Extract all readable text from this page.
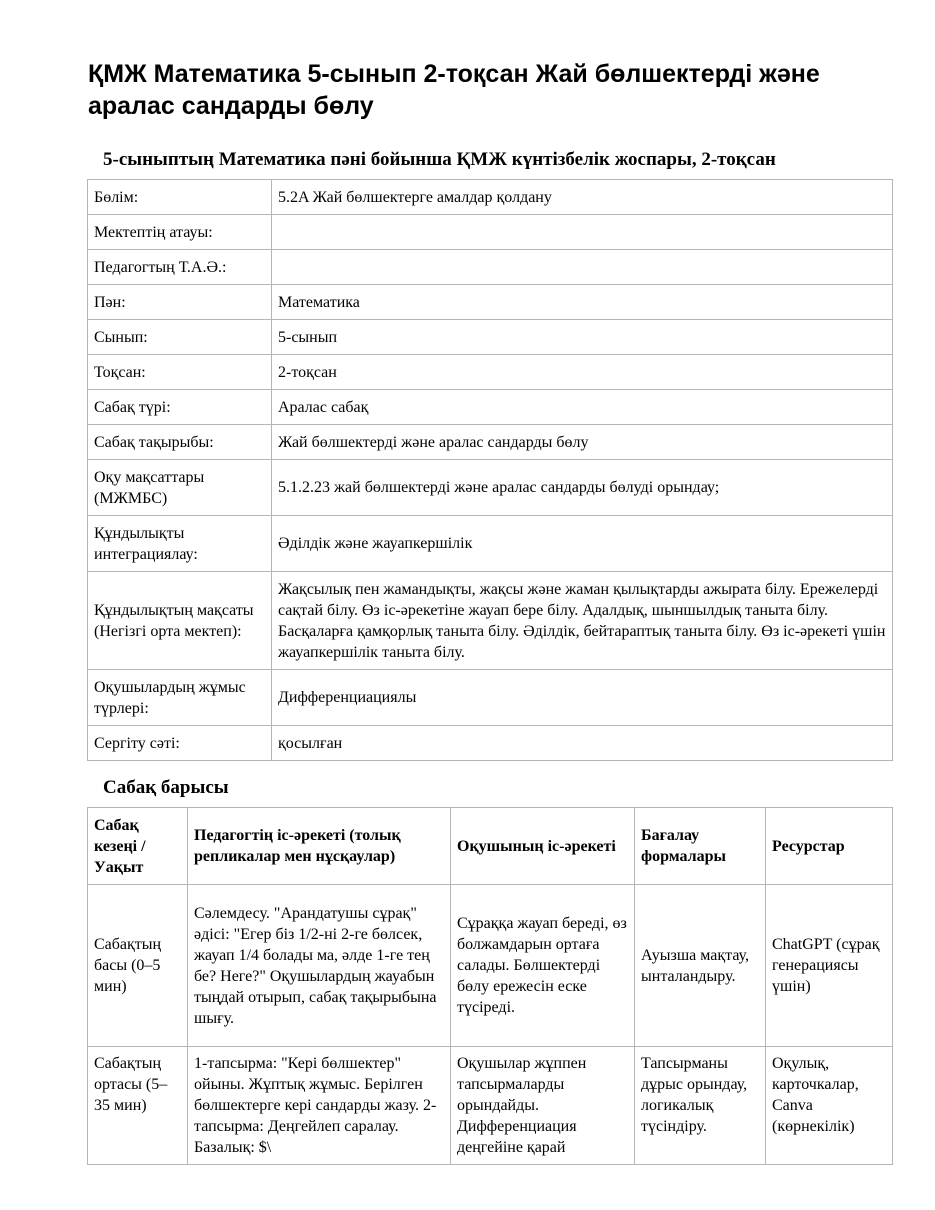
ҚМЖ Математика 5-сынып 2-тоқсан Жай бөлшектерді және аралас сандарды бөлу
5-сыныптың Математика пәні бойынша ҚМЖ күнтізбелік жоспары, 2-тоқсан
Бөлім:	5.2A Жай бөлшектерге амалдар қолдану
Мектептің атауы:	
Педагогтың Т.А.Ә.:	
Пән:	Математика
Сынып:	5-сынып
Тоқсан:	2-тоқсан
Сабақ түрі:	Аралас сабақ
Сабақ тақырыбы:	Жай бөлшектерді және аралас сандарды бөлу
Оқу мақсаттары (МЖМБС)	5.1.2.23 жай бөлшектерді және аралас сандарды бөлуді орындау;
Құндылықты интеграциялау:	Әділдік және жауапкершілік
Құндылықтың мақсаты (Негізгі орта мектеп):	Жақсылық пен жамандықты, жақсы және жаман қылықтарды ажырата білу. Ережелерді сақтай білу. Өз іс-әрекетіне жауап бере білу. Адалдық, шыншылдық таныта білу. Басқаларға қамқорлық таныта білу. Әділдік, бейтараптық таныта білу. Өз іс-әрекеті үшін жауапкершілік таныта білу.
Оқушылардың жұмыс түрлері:	Дифференциациялы
Сергіту сәті:	қосылған
Сабақ барысы
Сабақ кезеңі / Уақыт	Педагогтің іс-әрекеті (толық репликалар мен нұсқаулар)	Оқушының іс-әрекеті	Бағалау формалары	Ресурстар
Сабақтың басы (0–5 мин)	Сәлемдесу. "Арандатушы сұрақ" әдісі: "Егер біз 1/2-ні 2-ге бөлсек, жауап 1/4 болады ма, әлде 1-ге тең бе? Неге?" Оқушылардың жауабын тыңдай отырып, сабақ тақырыбына шығу.	Сұраққа жауап береді, өз болжамдарын ортаға салады. Бөлшектерді бөлу ережесін еске түсіреді.	Ауызша мақтау, ынталандыру.	ChatGPT (сұрақ генерациясы үшін)
Сабақтың ортасы (5–35 мин)	1-тапсырма: "Кері бөлшектер" ойыны. Жұптық жұмыс. Берілген бөлшектерге кері сандарды жазу. 2-тапсырма: Деңгейлеп саралау. Базалық: $\	Оқушылар жұппен тапсырмаларды орындайды. Дифференциация деңгейіне қарай	Тапсырманы дұрыс орындау, логикалық түсіндіру.	Оқулық, карточкалар, Canva (көрнекілік)
